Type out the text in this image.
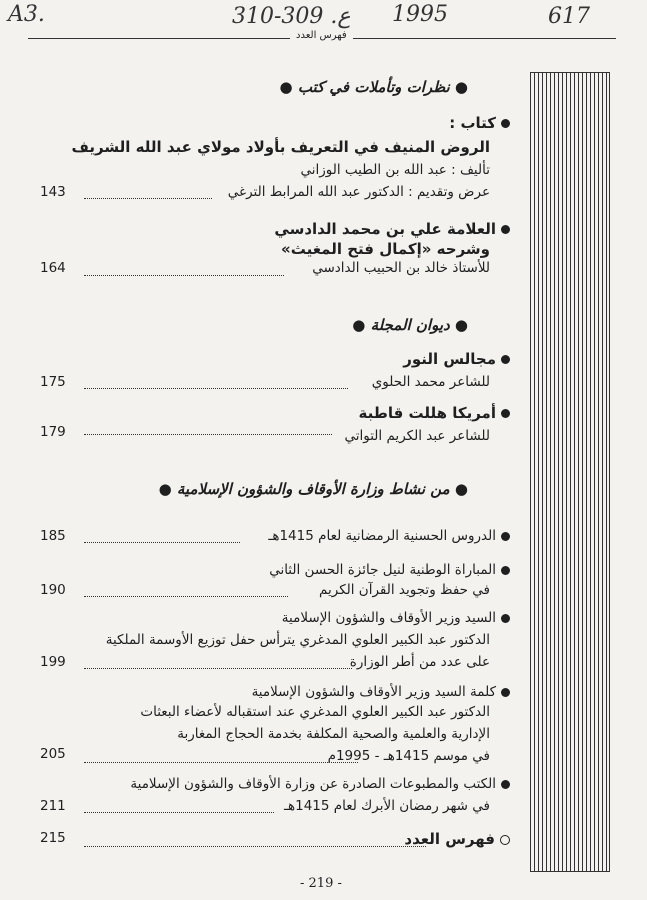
A3.	310-309 .ع 1995	617
فهرس العدد
● نظرات وتأملات في كتب ●
كتاب :
الروض المنيف في التعريف بأولاد مولاي عبد الله الشريف
تأليف : عبد الله بن الطيب الوزاني
عرض وتقديم : الدكتور عبد الله المرابط الترغي
143
العلامة علي بن محمد الدادسي
وشرحه «إكمال فتح المغيث»
للأستاذ خالد بن الحبيب الدادسي
164
● ديوان المجلة ●
مجالس النور
للشاعر محمد الحلوي
175
أمريكا هللت قاطبة
للشاعر عبد الكريم التواتي
179
● من نشاط وزارة الأوقاف والشؤون الإسلامية ●
الدروس الحسنية الرمضانية لعام 1415هـ
185
المباراة الوطنية لنيل جائزة الحسن الثاني
في حفظ وتجويد القرآن الكريم
190
السيد وزير الأوقاف والشؤون الإسلامية
الدكتور عبد الكبير العلوي المدغري يترأس حفل توزيع الأوسمة الملكية
على عدد من أطر الوزارة
199
كلمة السيد وزير الأوقاف والشؤون الإسلامية
الدكتور عبد الكبير العلوي المدغري عند استقباله لأعضاء البعثات
الإدارية والعلمية والصحية المكلفة بخدمة الحجاج المغاربة
في موسم 1415هـ - 1995م
205
الكتب والمطبوعات الصادرة عن وزارة الأوقاف والشؤون الإسلامية
في شهر رمضان الأبرك لعام 1415هـ
211
فهرس العدد
215
- 219 -
